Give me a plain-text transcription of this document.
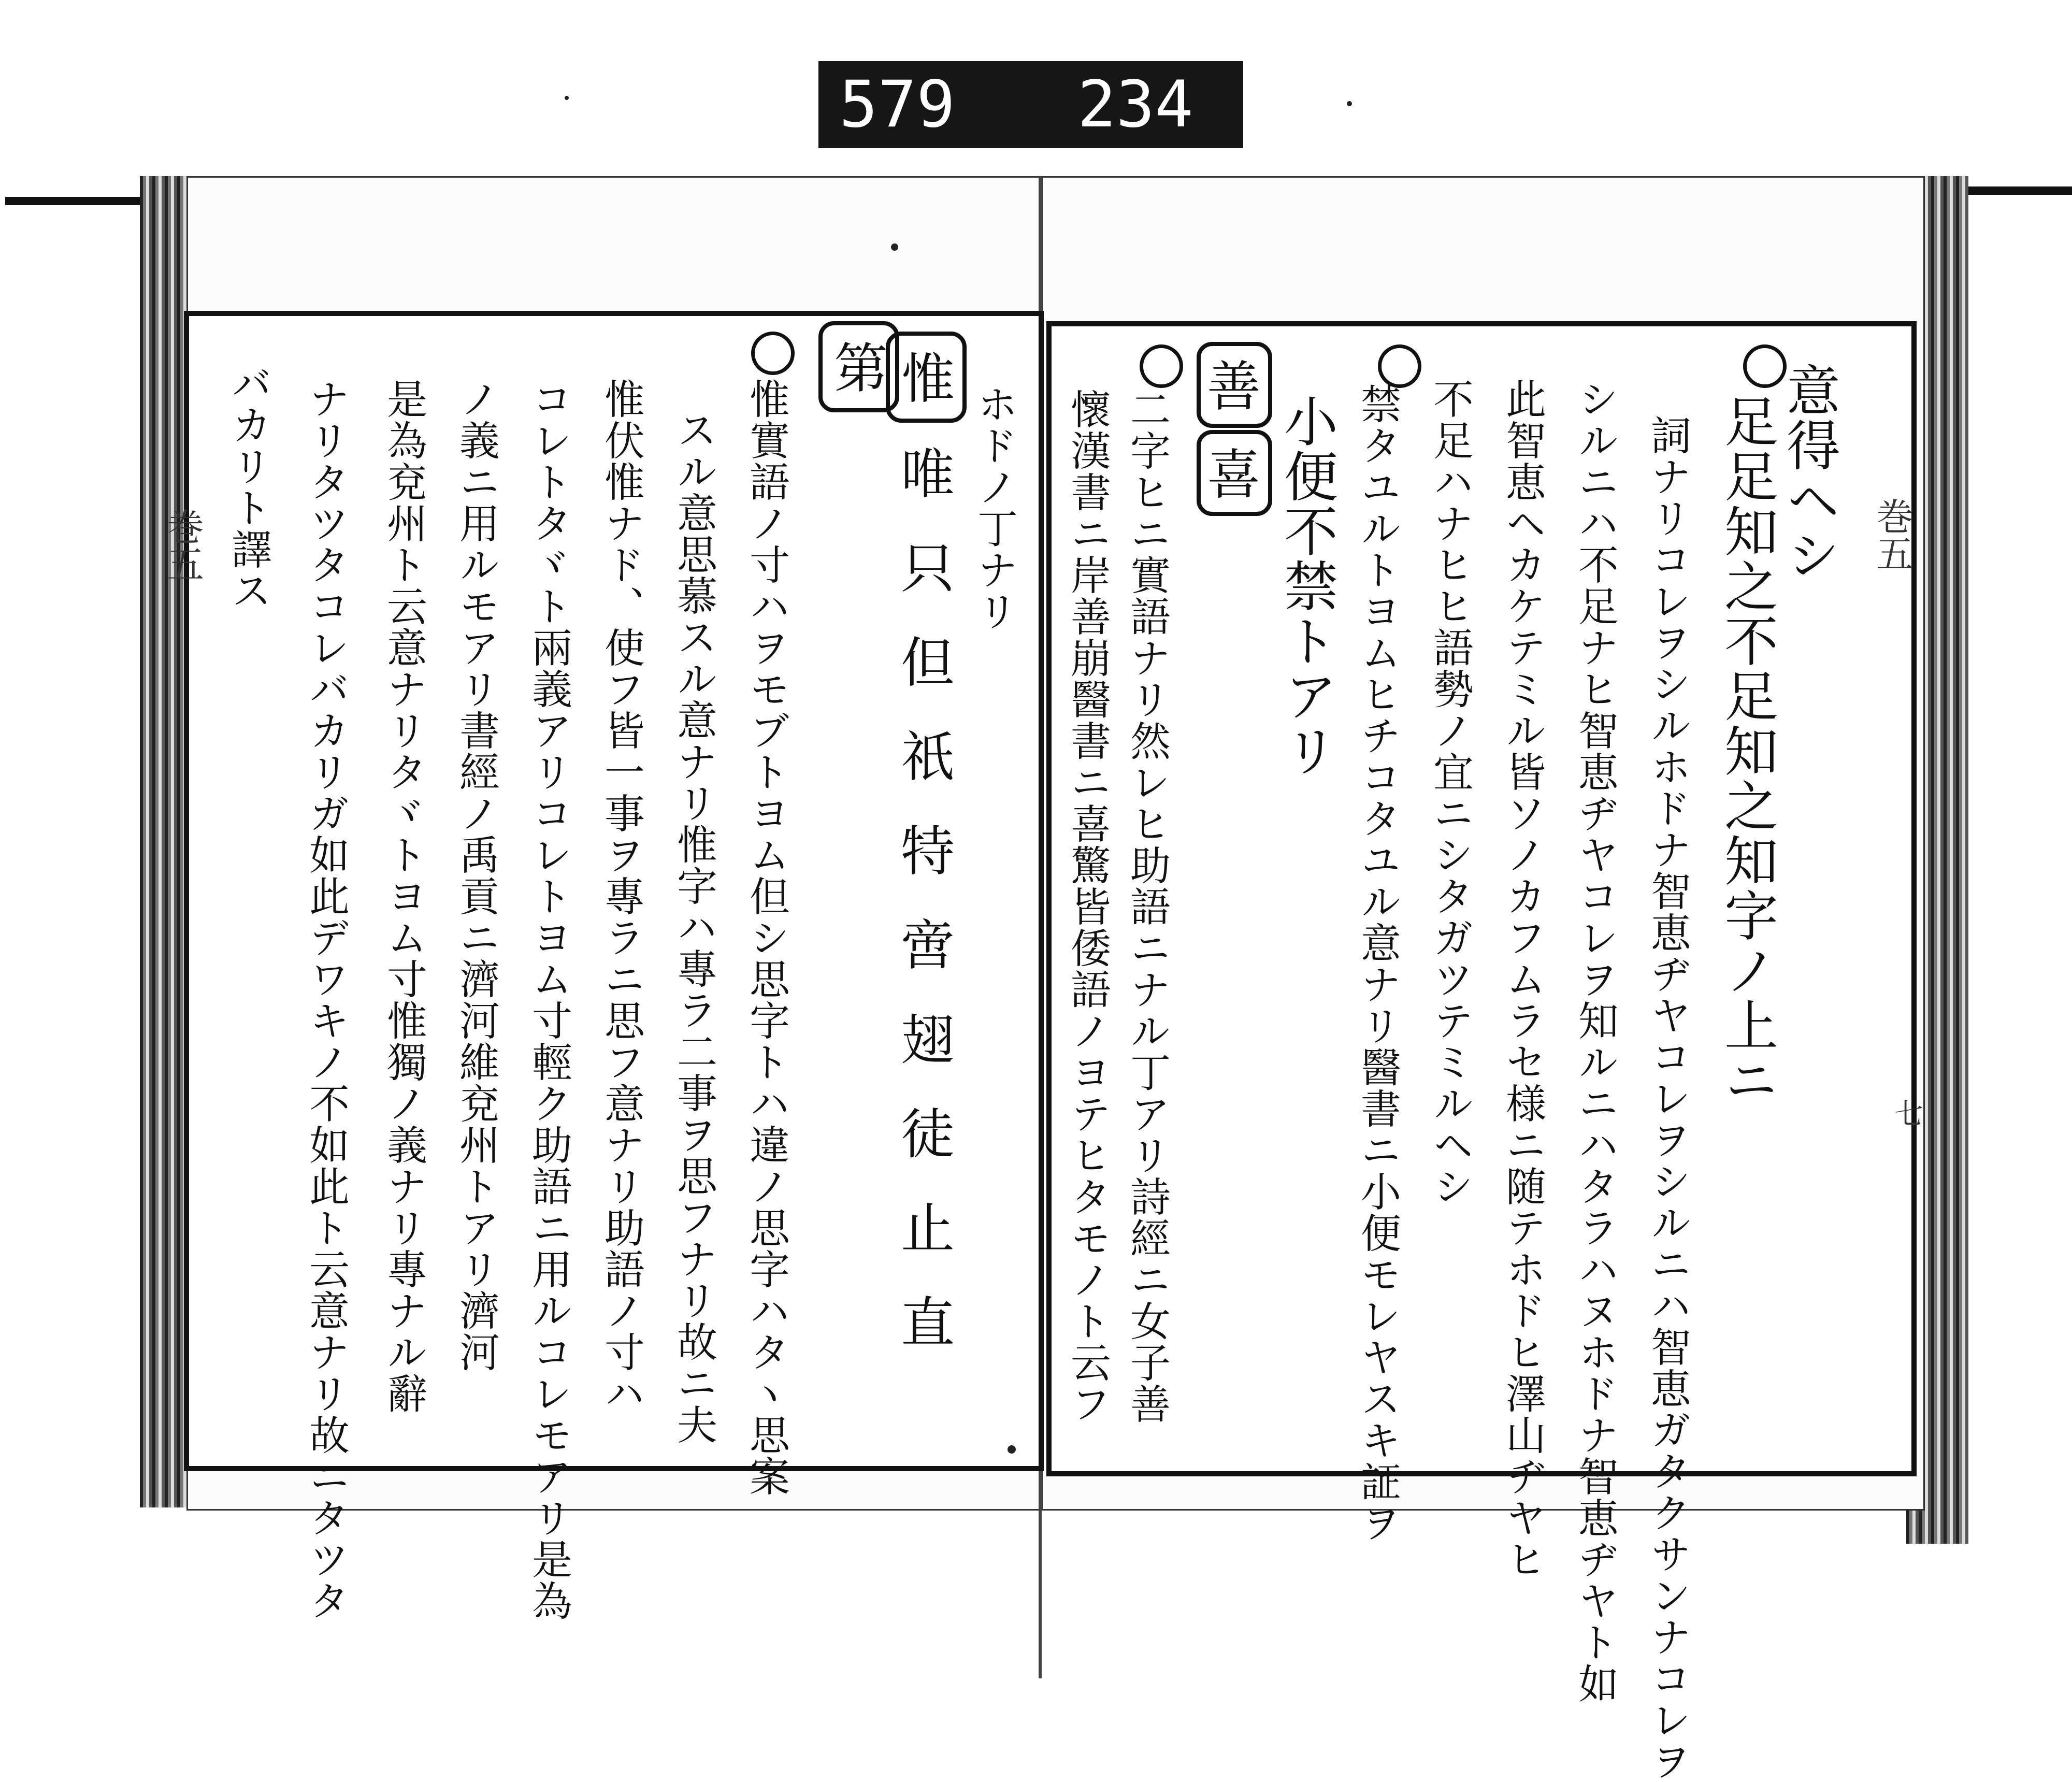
579 234
巻五
七
意得ヘシ
足足知之不足知之知字ノ上ニ
詞ナリコレヲシルホドナ智恵ヂヤコレヲシルニハ智恵ガタクサンナコレヲ
シルニハ不足ナヒ智恵ヂヤコレヲ知ルニハタラハヌホドナ智恵ヂヤト如
此智恵ヘカケテミル皆ソノカフムラセ様ニ随テホドヒ澤山ヂヤヒ
不足ハナヒヒ語勢ノ宜ニシタガツテミルヘシ
禁タユルトヨムヒチコタユル意ナリ醫書ニ小便モレヤスキ証ヲ
小便不禁トアリ
善
喜
二字ヒニ實語ナリ然レヒ助語ニナル丁アリ詩經ニ女子善
懷漢書ニ岸善崩醫書ニ喜驚皆倭語ノヨテヒタモノト云フ
惟
第
唯只但祇特啻翅徒止直
ホドノ丁ナリ
惟實語ノ寸ハヲモブトヨム但シ思字トハ違ノ思字ハタヽ思案
スル意思慕スル意ナリ惟字ハ專ラ二事ヲ思フナリ故ニ夫
惟伏惟ナド、使フ皆一事ヲ專ラニ思フ意ナリ助語ノ寸ハ
コレトタヾト兩義アリコレトヨム寸輕ク助語ニ用ルコレモアリ是為
ノ義ニ用ルモアリ書經ノ禹貢ニ濟河維兗州トアリ濟河
是為兗州ト云意ナリタヾトヨム寸惟獨ノ義ナリ專ナル辭
ナリタツタコレバカリガ如此デワキノ不如此ト云意ナリ故ニタツタ
バカリト譯ス
巻五
